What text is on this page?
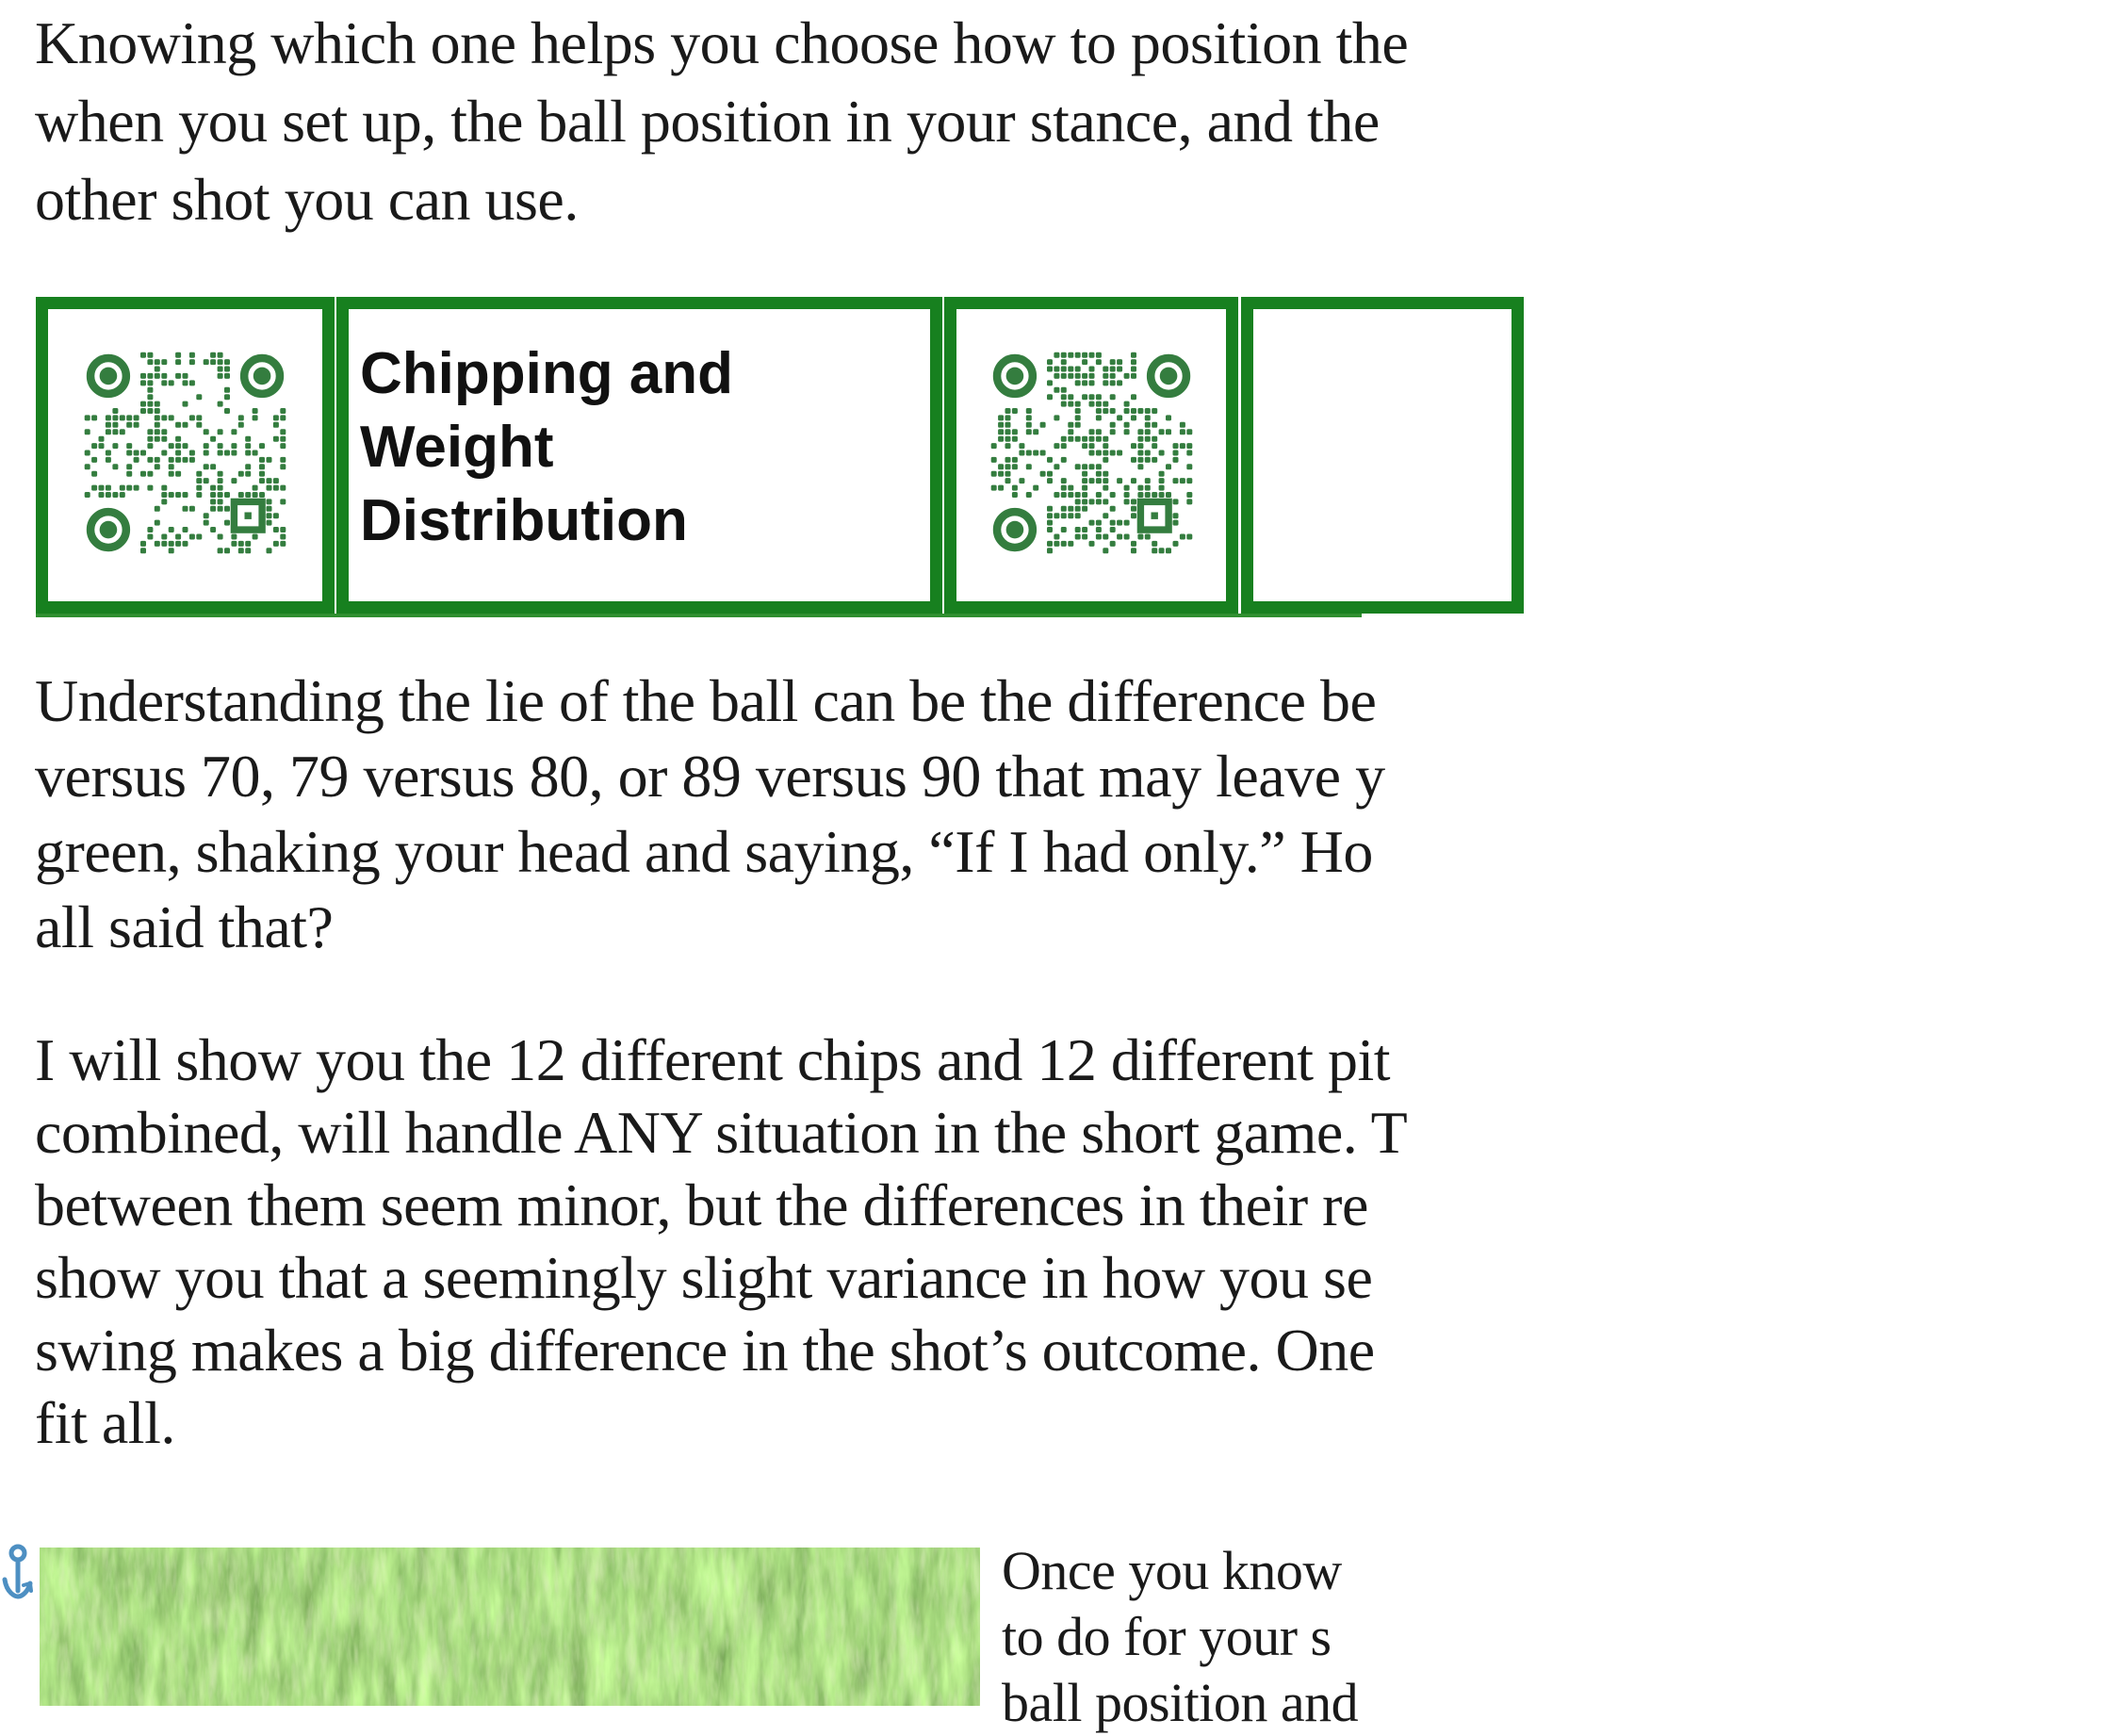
Knowing which one helps you choose how to position the
when you set up, the ball position in your stance, and the
other shot you can use.
Chipping and
Weight
Distribution
Understanding the lie of the ball can be the difference be
versus 70, 79 versus 80, or 89 versus 90 that may leave y
green, shaking your head and saying, “If I had only.” Ho
all said that?
I will show you the 12 different chips and 12 different pit
combined, will handle ANY situation in the short game. T
between them seem minor, but the differences in their re
show you that a seemingly slight variance in how you se
swing makes a big difference in the shot’s outcome. One
fit all.
Once you know
to do for your s
ball position and
